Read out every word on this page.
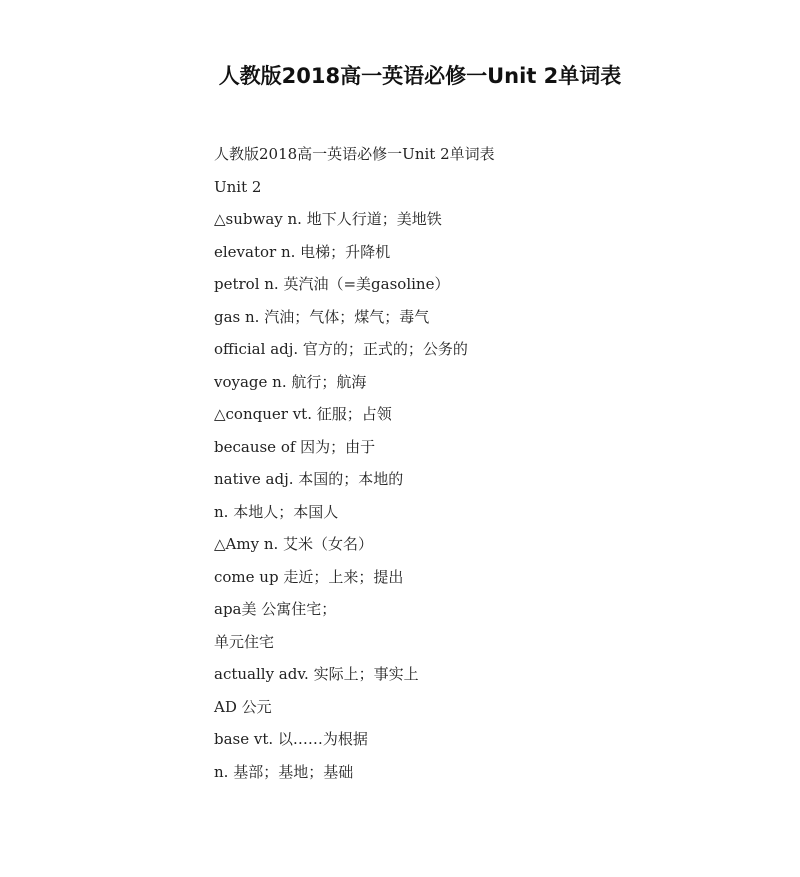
人教版2018高一英语必修一Unit 2单词表
人教版2018高一英语必修一Unit 2单词表
Unit 2
△subway n. 地下人行道；美地铁
elevator n. 电梯；升降机
petrol n. 英汽油（=美gasoline）
gas n. 汽油；气体；煤气；毒气
official adj. 官方的；正式的；公务的
voyage n. 航行；航海
△conquer vt. 征服；占领
because of 因为；由于
native adj. 本国的；本地的
n. 本地人；本国人
△Amy n. 艾米（女名）
come up 走近；上来；提出
apa美 公寓住宅；
单元住宅
actually adv. 实际上；事实上
AD 公元
base vt. 以……为根据
n. 基部；基地；基础
